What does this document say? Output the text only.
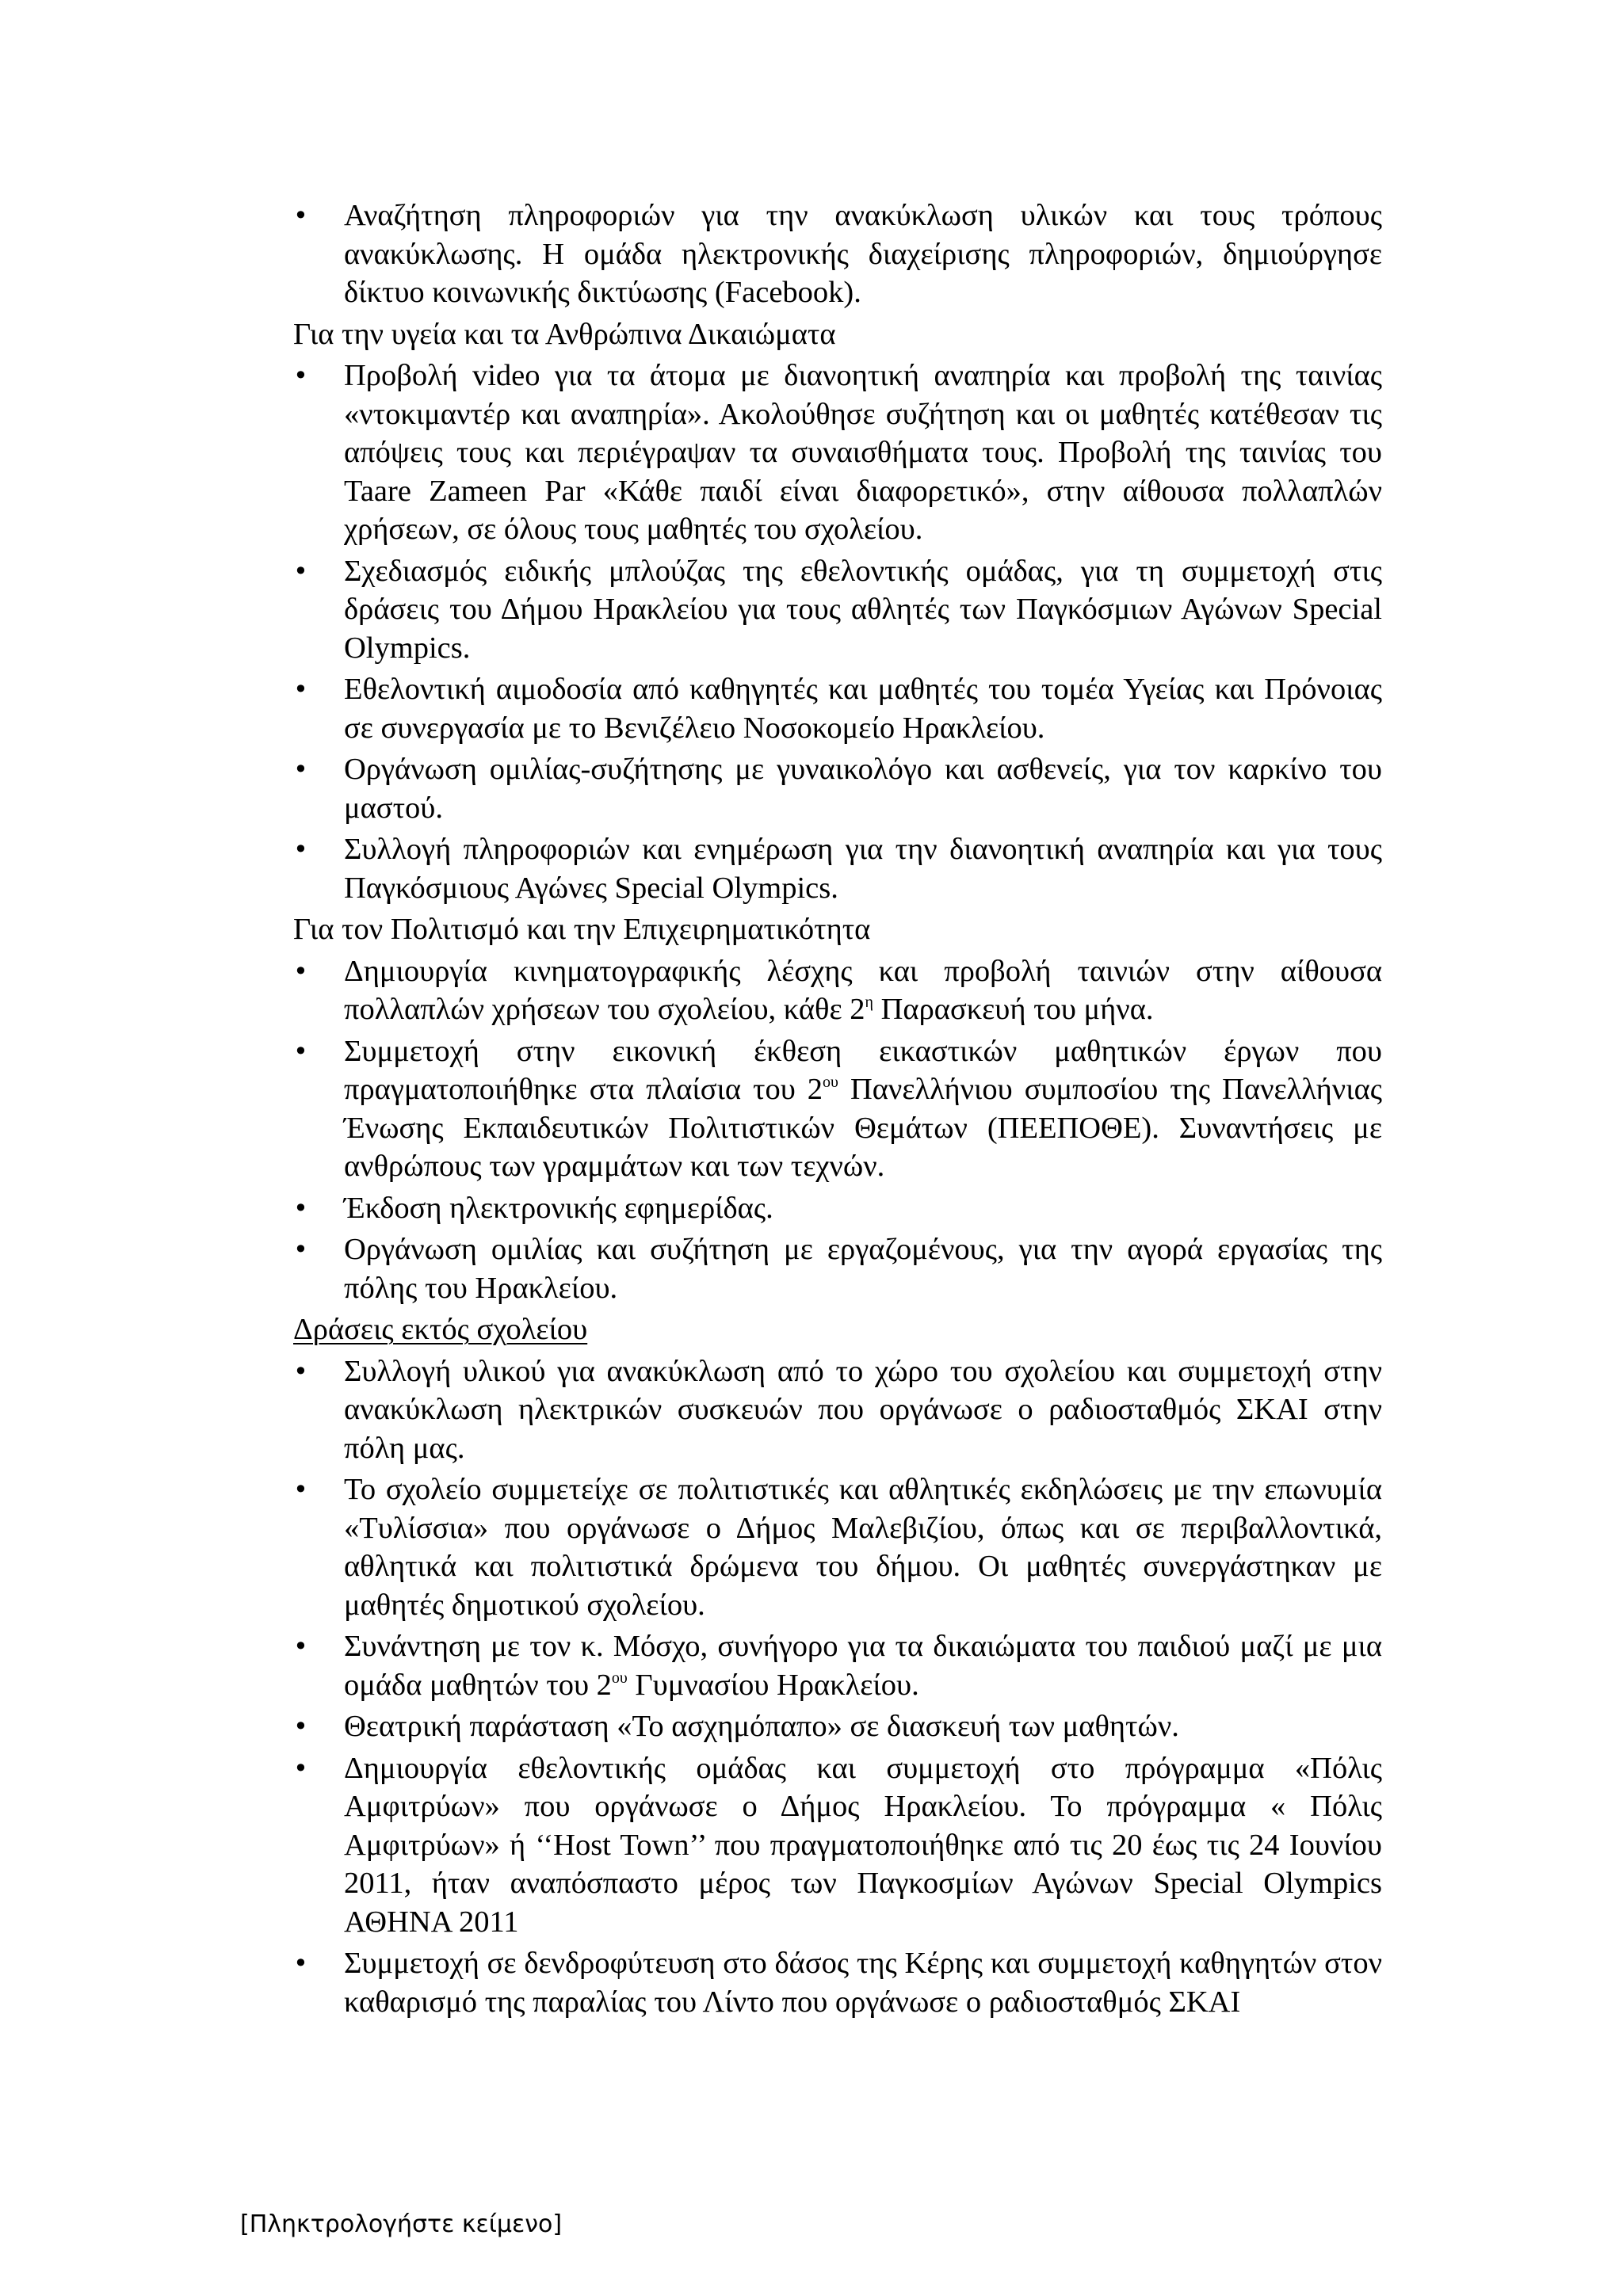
• Αναζήτηση πληροφοριών για την ανακύκλωση υλικών και τους τρόπους ανακύκλωσης. Η ομάδα ηλεκτρονικής διαχείρισης πληροφοριών, δημιούργησε δίκτυο κοινωνικής δικτύωσης (Facebook).
Για την υγεία και τα Ανθρώπινα Δικαιώματα
• Προβολή video για τα άτομα με διανοητική αναπηρία και προβολή της ταινίας «ντοκιμαντέρ και αναπηρία». Ακολούθησε συζήτηση και οι μαθητές κατέθεσαν τις απόψεις τους και περιέγραψαν τα συναισθήματα τους. Προβολή της ταινίας του Taare Zameen Par «Κάθε παιδί είναι διαφορετικό», στην αίθουσα πολλαπλών χρήσεων, σε όλους τους μαθητές του σχολείου.
• Σχεδιασμός ειδικής μπλούζας της εθελοντικής ομάδας, για τη συμμετοχή στις δράσεις του Δήμου Ηρακλείου για τους αθλητές των Παγκόσμιων Αγώνων Special Olympics.
• Εθελοντική αιμοδοσία από καθηγητές και μαθητές του τομέα Υγείας και Πρόνοιας σε συνεργασία με το Βενιζέλειο Νοσοκομείο Ηρακλείου.
• Οργάνωση ομιλίας-συζήτησης με γυναικολόγο και ασθενείς, για τον καρκίνο του μαστού.
• Συλλογή πληροφοριών και ενημέρωση για την διανοητική αναπηρία και για τους Παγκόσμιους Αγώνες Special Olympics.
Για τον Πολιτισμό και την Επιχειρηματικότητα
• Δημιουργία κινηματογραφικής λέσχης και προβολή ταινιών στην αίθουσα πολλαπλών χρήσεων του σχολείου, κάθε $2^\eta$ Παρασκευή του μήνα.
• Συμμετοχή στην εικονική έκθεση εικαστικών μαθητικών έργων που πραγματοποιήθηκε στα πλαίσια του $2^{o\upsilon}$ Πανελλήνιου συμποσίου της Πανελλήνιας Ένωσης Εκπαιδευτικών Πολιτιστικών Θεμάτων (ΠΕΕΠΟΘΕ). Συναντήσεις με ανθρώπους των γραμμάτων και των τεχνών.
• Έκδοση ηλεκτρονικής εφημερίδας.
• Οργάνωση ομιλίας και συζήτηση με εργαζομένους, για την αγορά εργασίας της πόλης του Ηρακλείου.
Δράσεις εκτός σχολείου
• Συλλογή υλικού για ανακύκλωση από το χώρο του σχολείου και συμμετοχή στην ανακύκλωση ηλεκτρικών συσκευών που οργάνωσε ο ραδιοσταθμός ΣΚΑΙ στην πόλη μας.
• Το σχολείο συμμετείχε σε πολιτιστικές και αθλητικές εκδηλώσεις με την επωνυμία «Τυλίσσια» που οργάνωσε ο Δήμος Μαλεβιζίου, όπως και σε περιβαλλοντικά, αθλητικά και πολιτιστικά δρώμενα του δήμου. Οι μαθητές συνεργάστηκαν με μαθητές δημοτικού σχολείου.
• Συνάντηση με τον κ. Μόσχο, συνήγορο για τα δικαιώματα του παιδιού μαζί με μια ομάδα μαθητών του $2^{o\upsilon}$ Γυμνασίου Ηρακλείου.
• Θεατρική παράσταση «Το ασχημόπαπο» σε διασκευή των μαθητών.
• Δημιουργία εθελοντικής ομάδας και συμμετοχή στο πρόγραμμα «Πόλις Αμφιτρύων» που οργάνωσε ο Δήμος Ηρακλείου. Το πρόγραμμα « Πόλις Αμφιτρύων» ή ‘‘Host Town’’ που πραγματοποιήθηκε από τις 20 έως τις 24 Ιουνίου 2011, ήταν αναπόσπαστο μέρος των Παγκοσμίων Αγώνων Special Olympics ΑΘΗΝΑ 2011
• Συμμετοχή σε δενδροφύτευση στο δάσος της Κέρης και συμμετοχή καθηγητών στον καθαρισμό της παραλίας του Λίντο που οργάνωσε ο ραδιοσταθμός ΣΚΑΙ
[Πληκτρολογήστε κείμενο]
